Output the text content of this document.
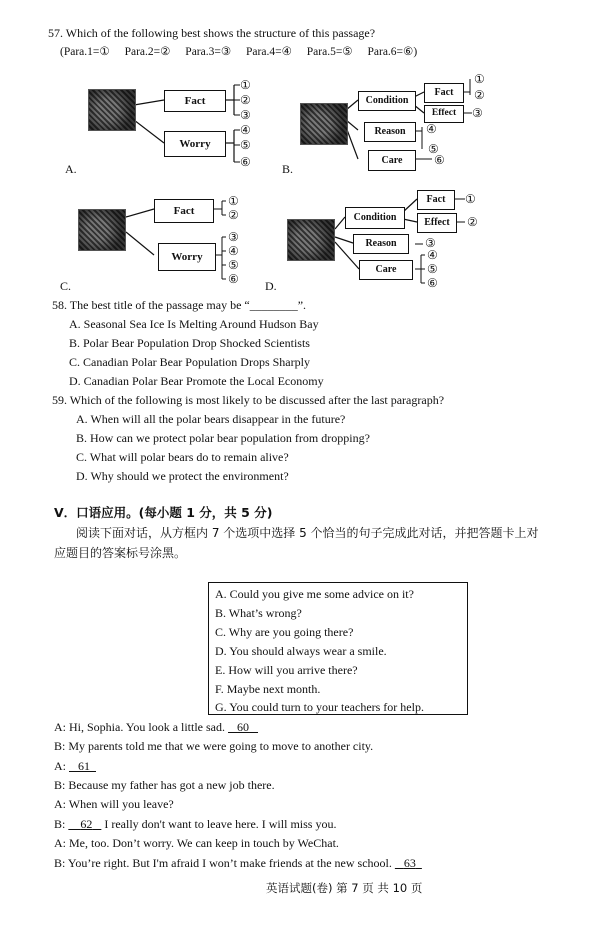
57. Which of the following best shows the structure of this passage?
(Para.1=① Para.2=② Para.3=③ Para.4=④ Para.5=⑤ Para.6=⑥)
Fact
Worry
①
②
③
④
⑤
⑥
A.
Condition
Reason
Care
Fact
Effect
①
②
③
④
⑤
⑥
B.
Fact
Worry
①
②
③
④
⑤
⑥
C.
Condition
Reason
Care
Fact
Effect
①
②
③
④
⑤
⑥
D.
58. The best title of the passage may be “________”.
A. Seasonal Sea Ice Is Melting Around Hudson Bay
B. Polar Bear Population Drop Shocked Scientists
C. Canadian Polar Bear Population Drops Sharply
D. Canadian Polar Bear Promote the Local Economy
59. Which of the following is most likely to be discussed after the last paragraph?
A. When will all the polar bears disappear in the future?
B. How can we protect polar bear population from dropping?
C. What will polar bears do to remain alive?
D. Why should we protect the environment?
V．口语应用。(每小题 1 分，共 5 分)
阅读下面对话，从方框内 7 个选项中选择 5 个恰当的句子完成此对话，并把答题卡上对
应题目的答案标号涂黑。
A. Could you give me some advice on it?
B. What’s wrong?
C. Why are you going there?
D. You should always wear a smile.
E. How will you arrive there?
F. Maybe next month.
G. You could turn to your teachers for help.
A: Hi, Sophia. You look a little sad. 60
B: My parents told me that we were going to move to another city.
A: 61
B: Because my father has got a new job there.
A: When will you leave?
B: 62 I really don't want to leave here. I will miss you.
A: Me, too. Don’t worry. We can keep in touch by WeChat.
B: You’re right. But I'm afraid I won’t make friends at the new school. 63
英语试题(卷) 第 7 页 共 10 页
